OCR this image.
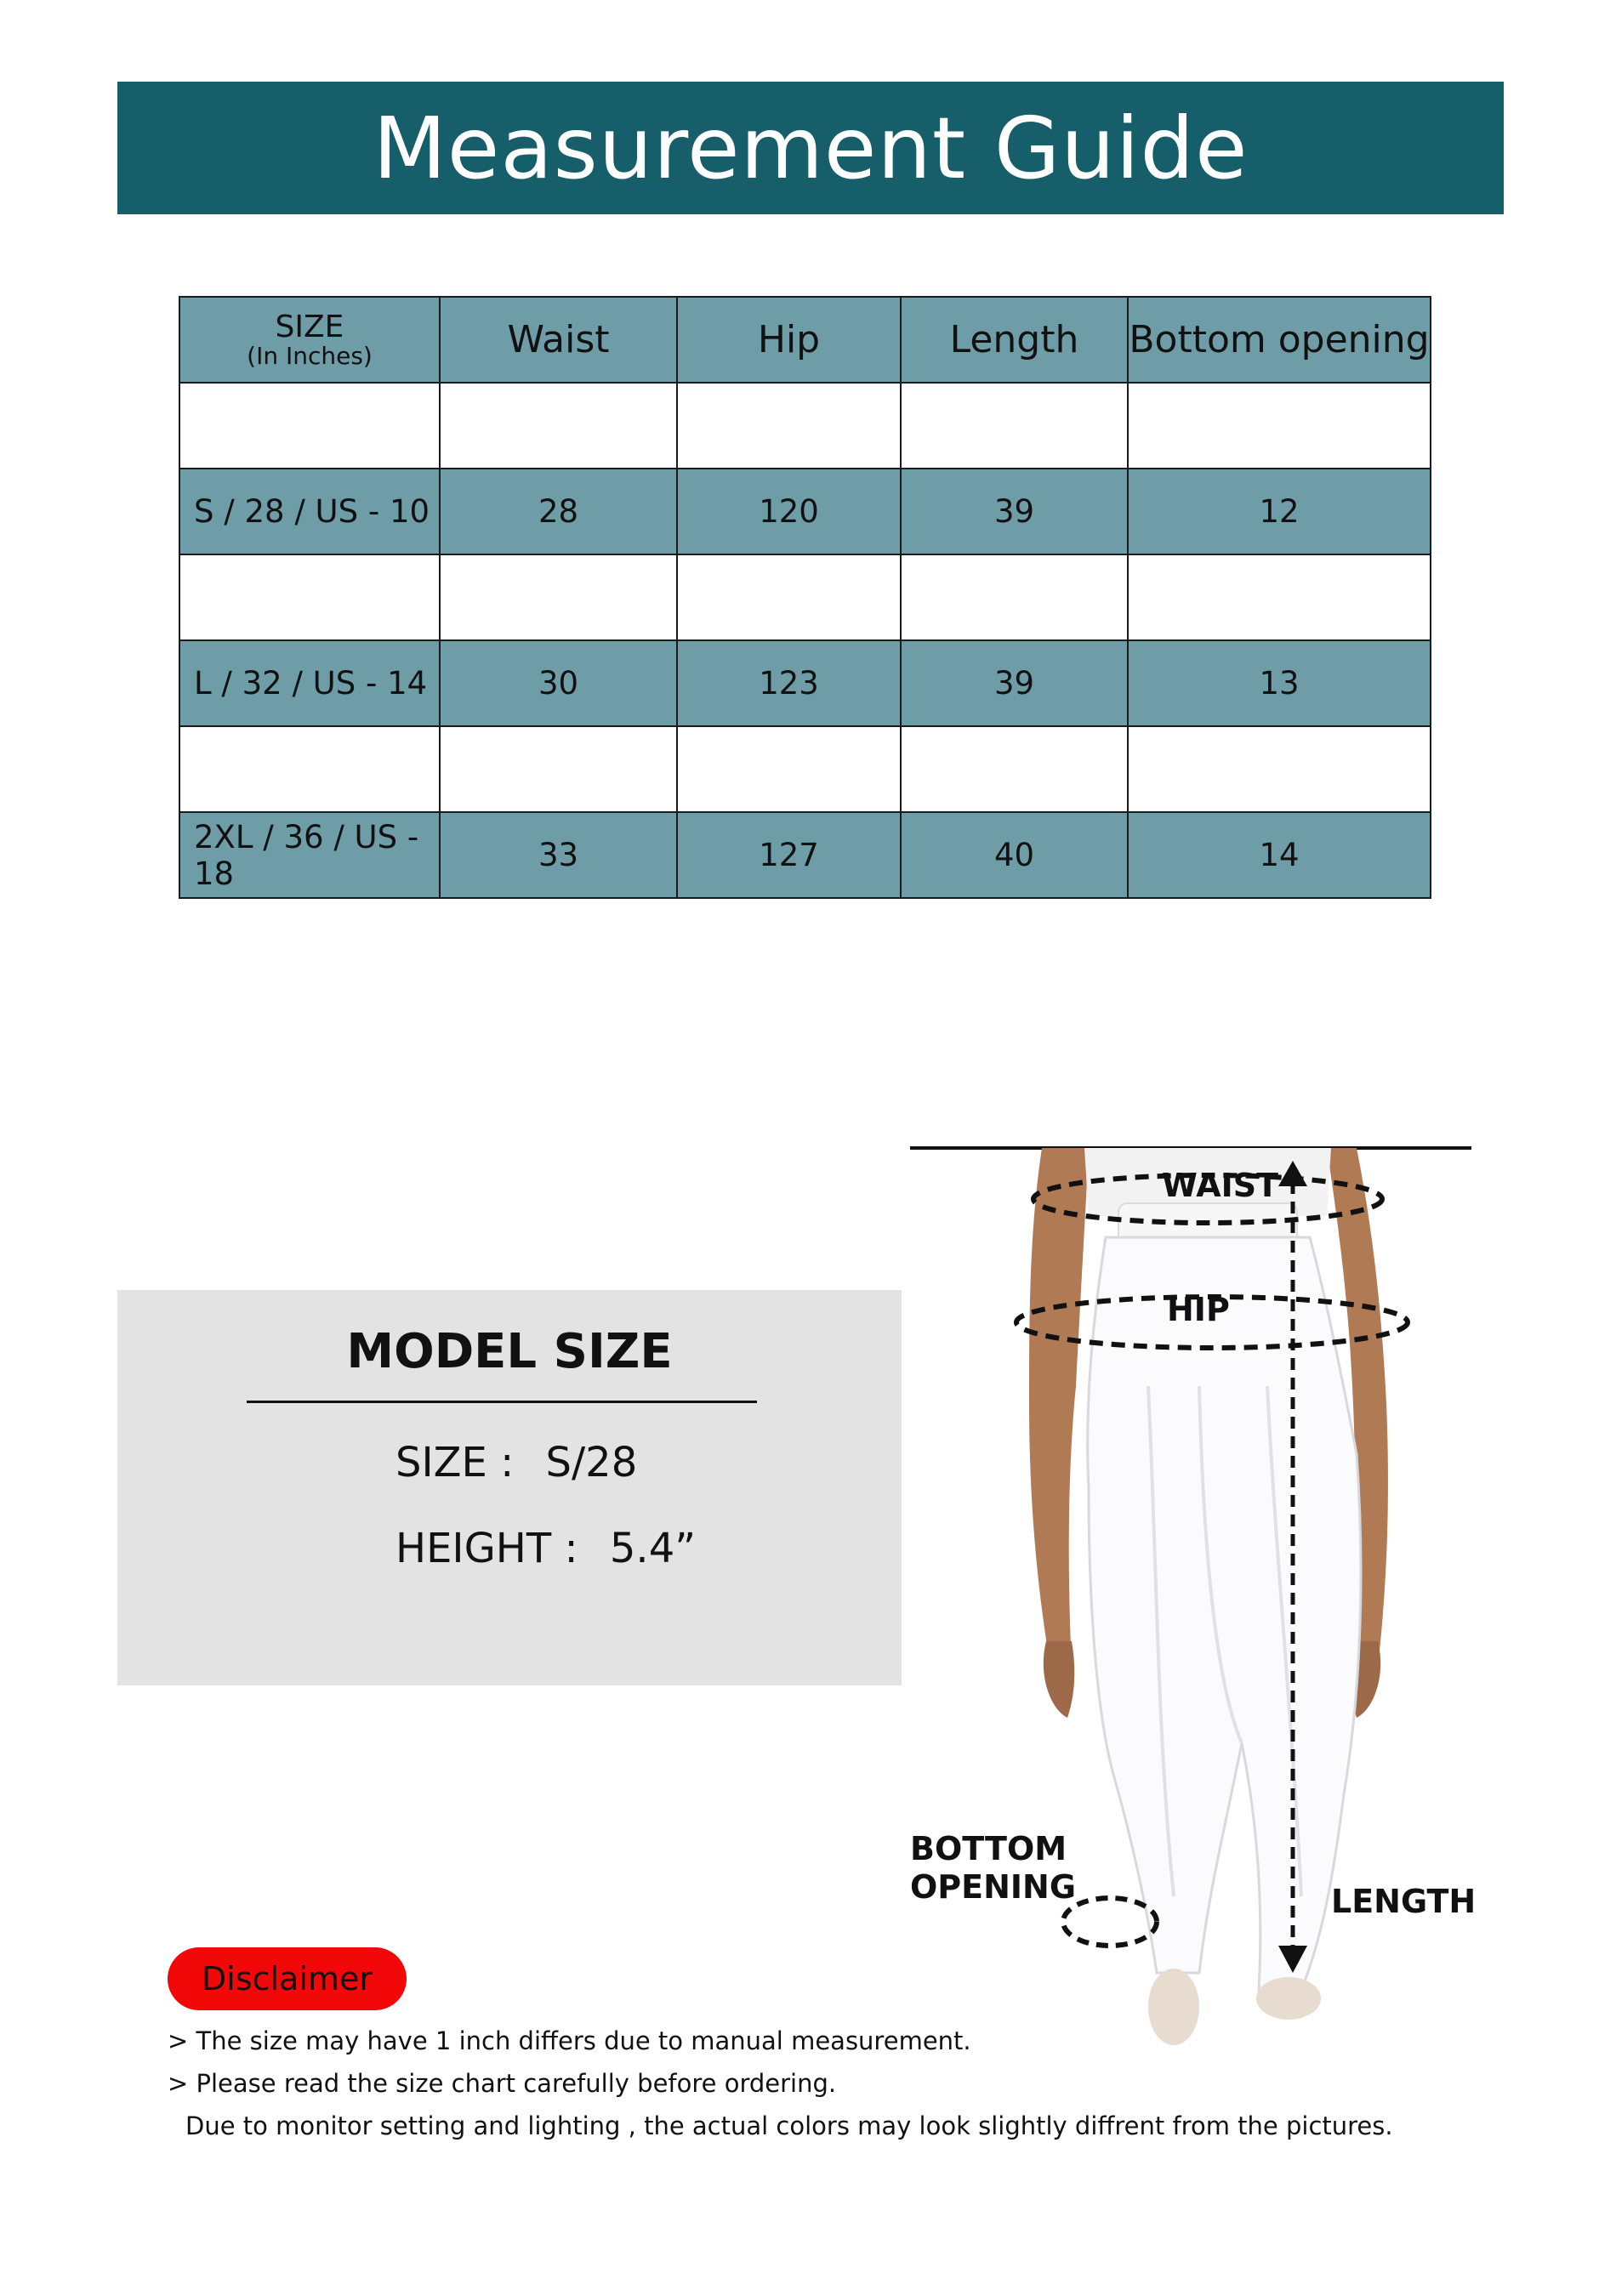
Measurement Guide
SIZE
(In Inches)	Waist	Hip	Length	Bottom opening

S / 28 / US - 10	28	120	39	12

L / 32 / US - 14	30	123	39	13

2XL / 36 / US - 18	33	127	40	14
MODEL SIZE
SIZE : S/28
HEIGHT : 5.4”
WAIST
HIP
BOTTOM
OPENING	LENGTH
Disclaimer
> The size may have 1 inch differs due to manual measurement.
> Please read the size chart carefully before ordering.
Due to monitor setting and lighting , the actual colors may look slightly diffrent from the pictures.
